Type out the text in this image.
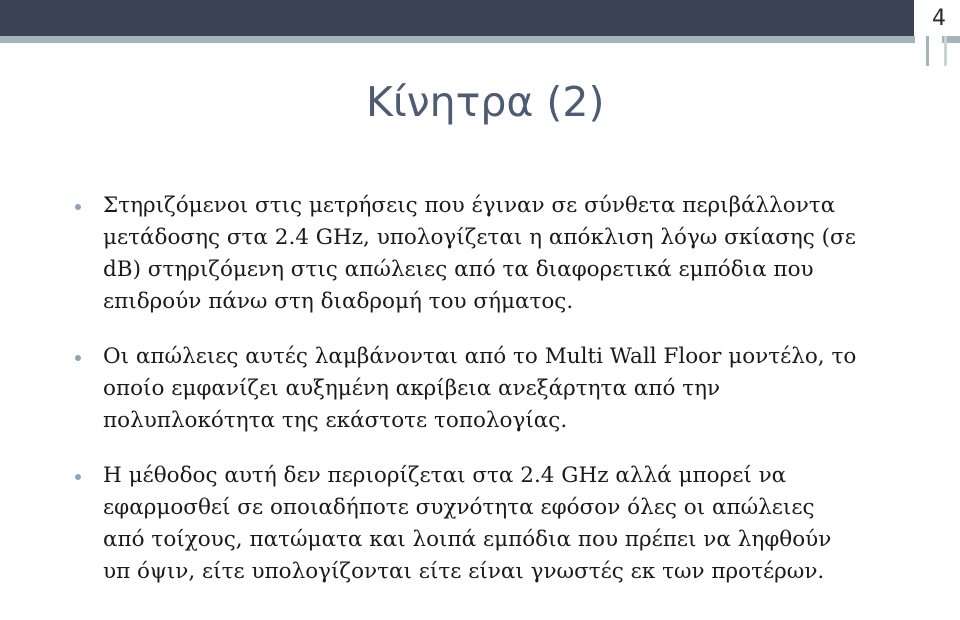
4
Κίνητρα (2)
Στηριζόμενοι στις μετρήσεις που έγιναν σε σύνθετα περιβάλλοντα
μετάδοσης στα 2.4 GHz, υπολογίζεται η απόκλιση λόγω σκίασης (σε
dB) στηριζόμενη στις απώλειες από τα διαφορετικά εμπόδια που
επιδρούν πάνω στη διαδρομή του σήματος.
Οι απώλειες αυτές λαμβάνονται από το Multi Wall Floor μοντέλο, το
οποίο εμφανίζει αυξημένη ακρίβεια ανεξάρτητα από την
πολυπλοκότητα της εκάστοτε τοπολογίας.
Η μέθοδος αυτή δεν περιορίζεται στα 2.4 GHz αλλά μπορεί να
εφαρμοσθεί σε οποιαδήποτε συχνότητα εφόσον όλες οι απώλειες
από τοίχους, πατώματα και λοιπά εμπόδια που πρέπει να ληφθούν
υπ όψιν, είτε υπολογίζονται είτε είναι γνωστές εκ των προτέρων.
